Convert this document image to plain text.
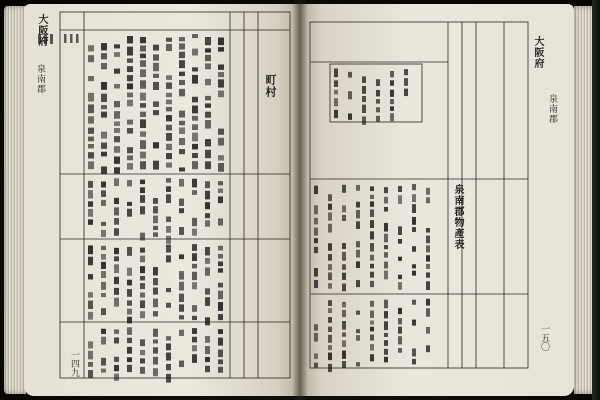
大阪府
泉南郡	町村
一四九
大阪府
泉南郡
泉南郡物產表
一五〇
